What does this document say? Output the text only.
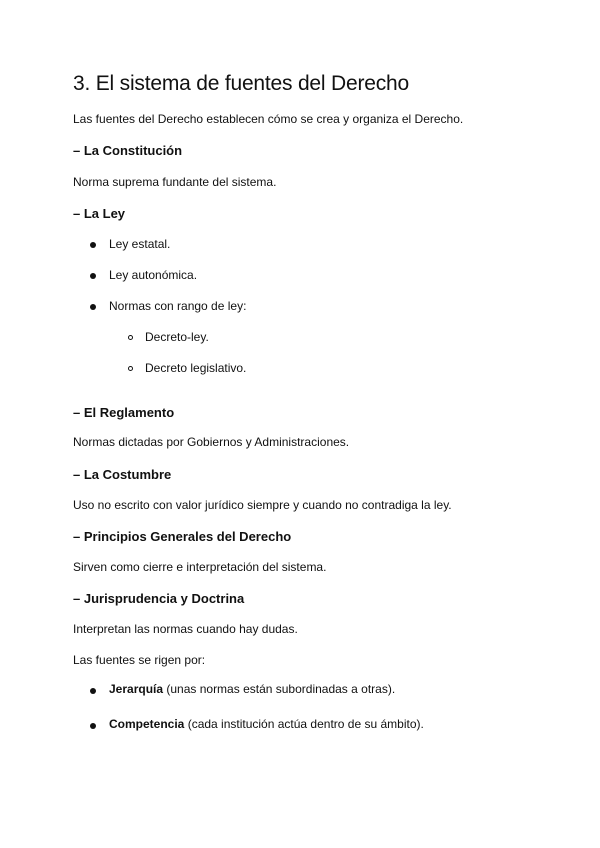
3. El sistema de fuentes del Derecho
Las fuentes del Derecho establecen cómo se crea y organiza el Derecho.
– La Constitución
Norma suprema fundante del sistema.
– La Ley
Ley estatal.
Ley autonómica.
Normas con rango de ley:
Decreto-ley.
Decreto legislativo.
– El Reglamento
Normas dictadas por Gobiernos y Administraciones.
– La Costumbre
Uso no escrito con valor jurídico siempre y cuando no contradiga la ley.
– Principios Generales del Derecho
Sirven como cierre e interpretación del sistema.
– Jurisprudencia y Doctrina
Interpretan las normas cuando hay dudas.
Las fuentes se rigen por:
Jerarquía (unas normas están subordinadas a otras).
Competencia (cada institución actúa dentro de su ámbito).
